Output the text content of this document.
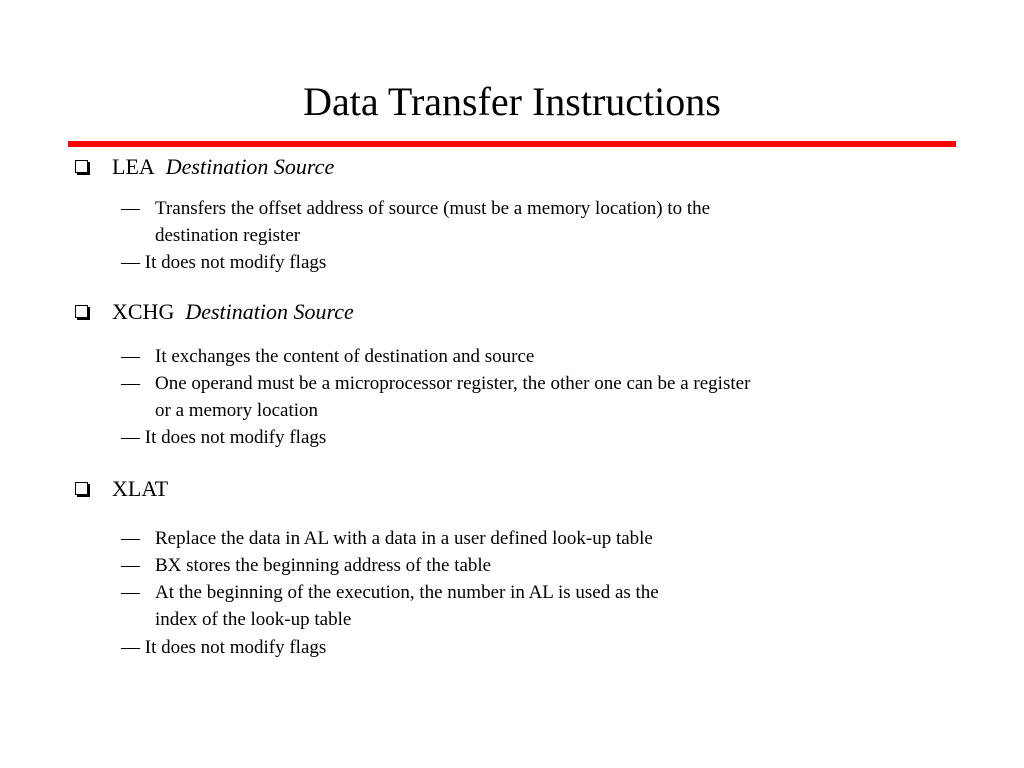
Data Transfer Instructions
LEA Destination Source
— Transfers the offset address of source (must be a memory location) to the
destination register
— It does not modify flags
XCHG Destination Source
— It exchanges the content of destination and source
— One operand must be a microprocessor register, the other one can be a register
or a memory location
— It does not modify flags
XLAT
— Replace the data in AL with a data in a user defined look-up table
— BX stores the beginning address of the table
— At the beginning of the execution, the number in AL is used as the
index of the look-up table
— It does not modify flags
